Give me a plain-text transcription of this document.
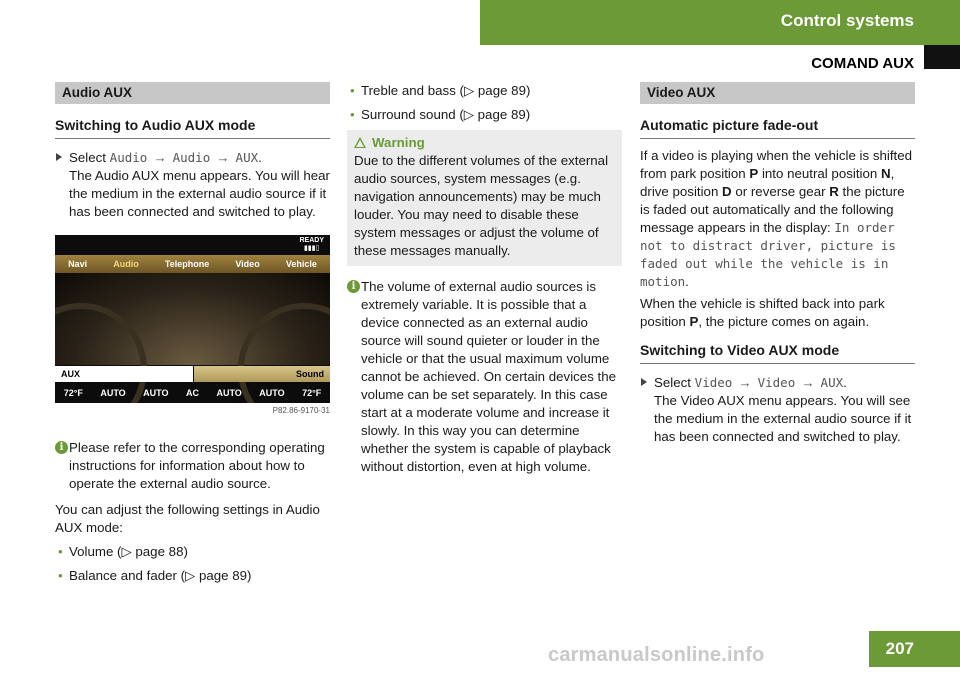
Control systems
COMAND AUX
Audio AUX
Switching to Audio AUX mode
Select Audio → Audio → AUX.

The Audio AUX menu appears. You will hear the medium in the external audio source if it has been connected and switched to play.

READY
▮▮▮▯
Navi	Audio	Telephone	Video	Vehicle
AUX	Sound
72°F AUTO AUTO AC AUTO AUTO 72°F
P82.86-9170-31
i Please refer to the corresponding operating instructions for information about how to operate the external audio source.

You can adjust the following settings in Audio AUX mode:

• Volume (▷ page 88)
• Balance and fader (▷ page 89)
• Treble and bass (▷ page 89)
• Surround sound (▷ page 89)
Warning

Due to the different volumes of the external audio sources, system messages (e.g. navigation announcements) may be much louder. You may need to disable these system messages or adjust the volume of these messages manually.

i The volume of external audio sources is extremely variable. It is possible that a device connected as an external audio source will sound quieter or louder in the vehicle or that the usual maximum volume cannot be achieved. On certain devices the volume can be set separately. In this case start at a moderate volume and increase it slowly. In this way you can determine whether the system is capable of playback without distortion, even at high volume.

Video AUX
Automatic picture fade-out

If a video is playing when the vehicle is shifted from park position P into neutral position N, drive position D or reverse gear R the picture is faded out automatically and the following message appears in the display: In order not to distract driver, picture is faded out while the vehicle is in motion.

When the vehicle is shifted back into park position P, the picture comes on again.

Switching to Video AUX mode
Select Video → Video → AUX.

The Video AUX menu appears. You will see the medium in the external audio source if it has been connected and switched to play.

carmanualsonline.info	207
